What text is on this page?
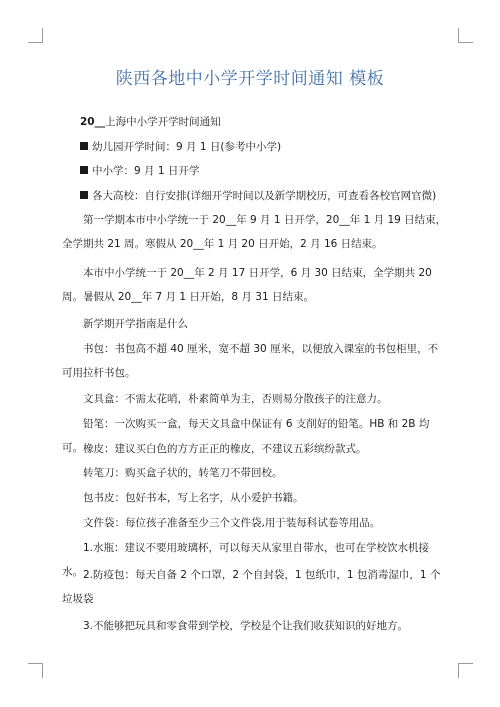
陕西各地中小学开学时间通知 模板

20__上海中小学开学时间通知

幼儿园开学时间：9 月 1 日(参考中小学)

中小学：9 月 1 日开学

各大高校：自行安排(详细开学时间以及新学期校历，可查看各校官网官微)

第一学期本市中小学统一于 20__年 9 月 1 日开学，20__年 1 月 19 日结束，全学期共 21 周。寒假从 20__年 1 月 20 日开始，2 月 16 日结束。

本市中小学统一于 20__年 2 月 17 日开学，6 月 30 日结束，全学期共 20 周。暑假从 20__年 7 月 1 日开始，8 月 31 日结束。

新学期开学指南是什么

书包：书包高不超 40 厘米，宽不超 30 厘米，以便放入课室的书包柜里，不可用拉杆书包。

文具盒：不需太花哨，朴素简单为主，否则易分散孩子的注意力。

铅笔：一次购买一盒，每天文具盒中保证有 6 支削好的铅笔。HB 和 2B 均可。 橡皮：建议买白色的方方正正的橡皮，不建议五彩缤纷款式。

转笔刀：购买盒子状的，转笔刀不带回校。

包书皮：包好书本，写上名字，从小爱护书籍。

文件袋：每位孩子准备至少三个文件袋,用于装每科试卷等用品。

1.水瓶：建议不要用玻璃杯，可以每天从家里自带水，也可在学校饮水机接水。 2.防疫包：每天自备 2 个口罩，2 个自封袋，1 包纸巾，1 包消毒湿巾，1 个垃圾袋

3.不能够把玩具和零食带到学校，学校是个让我们收获知识的好地方。
